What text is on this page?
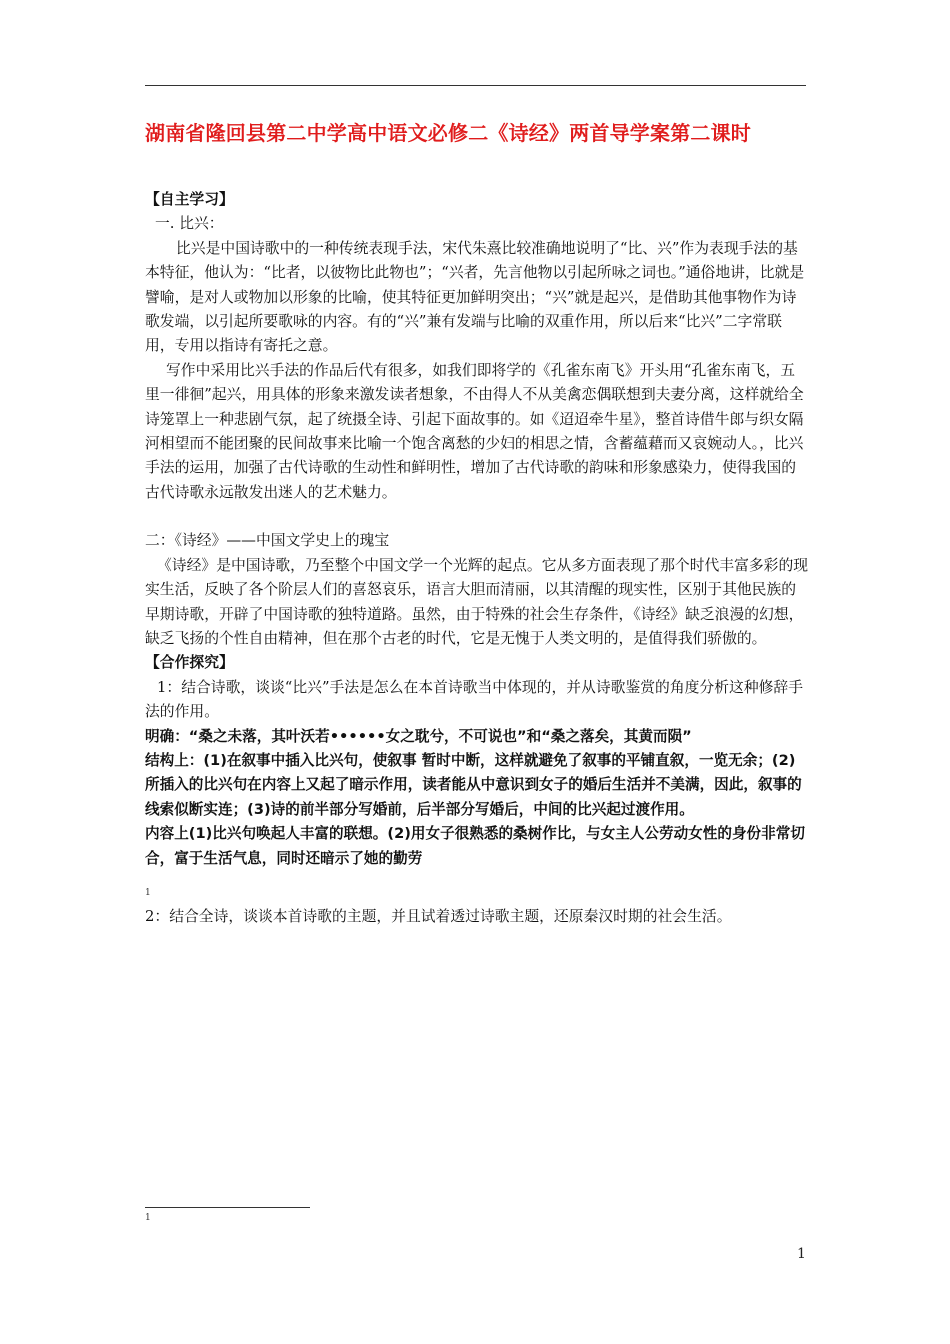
湖南省隆回县第二中学高中语文必修二《诗经》两首导学案第二课时

【自主学习】

一. 比兴：

比兴是中国诗歌中的一种传统表现手法，宋代朱熹比较准确地说明了“比、兴”作为表现手法的基本特征，他认为：“比者，以彼物比此物也”；“兴者，先言他物以引起所咏之词也。”通俗地讲，比就是譬喻，是对人或物加以形象的比喻，使其特征更加鲜明突出；“兴”就是起兴，是借助其他事物作为诗歌发端，以引起所要歌咏的内容。有的“兴”兼有发端与比喻的双重作用，所以后来“比兴”二字常联用，专用以指诗有寄托之意。

写作中采用比兴手法的作品后代有很多，如我们即将学的《孔雀东南飞》开头用“孔雀东南飞，五里一徘徊”起兴，用具体的形象来激发读者想象，不由得人不从美禽恋偶联想到夫妻分离，这样就给全诗笼罩上一种悲剧气氛，起了统摄全诗、引起下面故事的。如《迢迢牵牛星》，整首诗借牛郎与织女隔河相望而不能团聚的民间故事来比喻一个饱含离愁的少妇的相思之情，含蓄蕴藉而又哀婉动人。，比兴手法的运用，加强了古代诗歌的生动性和鲜明性，增加了古代诗歌的韵味和形象感染力，使得我国的古代诗歌永远散发出迷人的艺术魅力。

二：《诗经》——中国文学史上的瑰宝

《诗经》是中国诗歌，乃至整个中国文学一个光辉的起点。它从多方面表现了那个时代丰富多彩的现实生活，反映了各个阶层人们的喜怒哀乐，语言大胆而清丽，以其清醒的现实性，区别于其他民族的早期诗歌，开辟了中国诗歌的独特道路。虽然，由于特殊的社会生存条件，《诗经》缺乏浪漫的幻想，缺乏飞扬的个性自由精神，但在那个古老的时代，它是无愧于人类文明的，是值得我们骄傲的。

【合作探究】

1：结合诗歌，谈谈“比兴”手法是怎么在本首诗歌当中体现的，并从诗歌鉴赏的角度分析这种修辞手法的作用。

明确：“桑之未落，其叶沃若••••••女之耽兮，不可说也”和“桑之落矣，其黄而陨”

结构上：(1)在叙事中插入比兴句，使叙事 暂时中断，这样就避免了叙事的平铺直叙，一览无余；(2) 所插入的比兴句在内容上又起了暗示作用，读者能从中意识到女子的婚后生活并不美满，因此，叙事的线索似断实连；(3)诗的前半部分写婚前，后半部分写婚后，中间的比兴起过渡作用。

内容上(1)比兴句唤起人丰富的联想。(2)用女子很熟悉的桑树作比，与女主人公劳动女性的身份非常切合，富于生活气息，同时还暗示了她的勤劳

1

2：结合全诗，谈谈本首诗歌的主题，并且试着透过诗歌主题，还原秦汉时期的社会生活。

1
1
